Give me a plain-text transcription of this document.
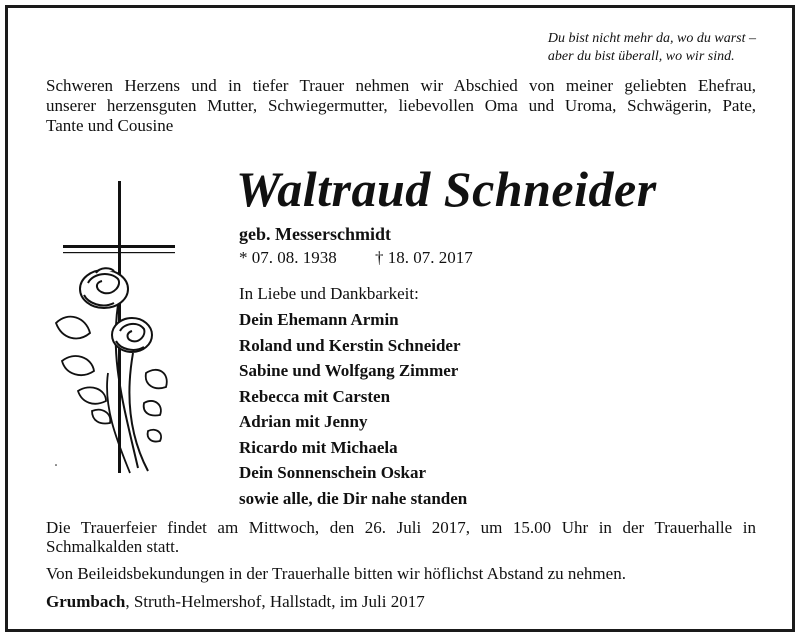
Du bist nicht mehr da, wo du warst –
aber du bist überall, wo wir sind.

Schweren Herzens und in tiefer Trauer nehmen wir Abschied von meiner geliebten Ehefrau,

unserer herzensguten Mutter, Schwiegermutter, liebevollen Oma und Uroma, Schwägerin, Pate,

Tante und Cousine

Waltraud Schneider
geb. Messerschmidt
* 07. 08. 1938 † 18. 07. 2017
In Liebe und Dankbarkeit:
Dein Ehemann Armin
Roland und Kerstin Schneider
Sabine und Wolfgang Zimmer
Rebecca mit Carsten
Adrian mit Jenny
Ricardo mit Michaela
Dein Sonnenschein Oskar
sowie alle, die Dir nahe standen

Die Trauerfeier findet am Mittwoch, den 26. Juli 2017, um 15.00 Uhr in der Trauerhalle in

Schmalkalden statt.

Von Beileidsbekundungen in der Trauerhalle bitten wir höflichst Abstand zu nehmen.
Grumbach, Struth-Helmershof, Hallstadt, im Juli 2017
